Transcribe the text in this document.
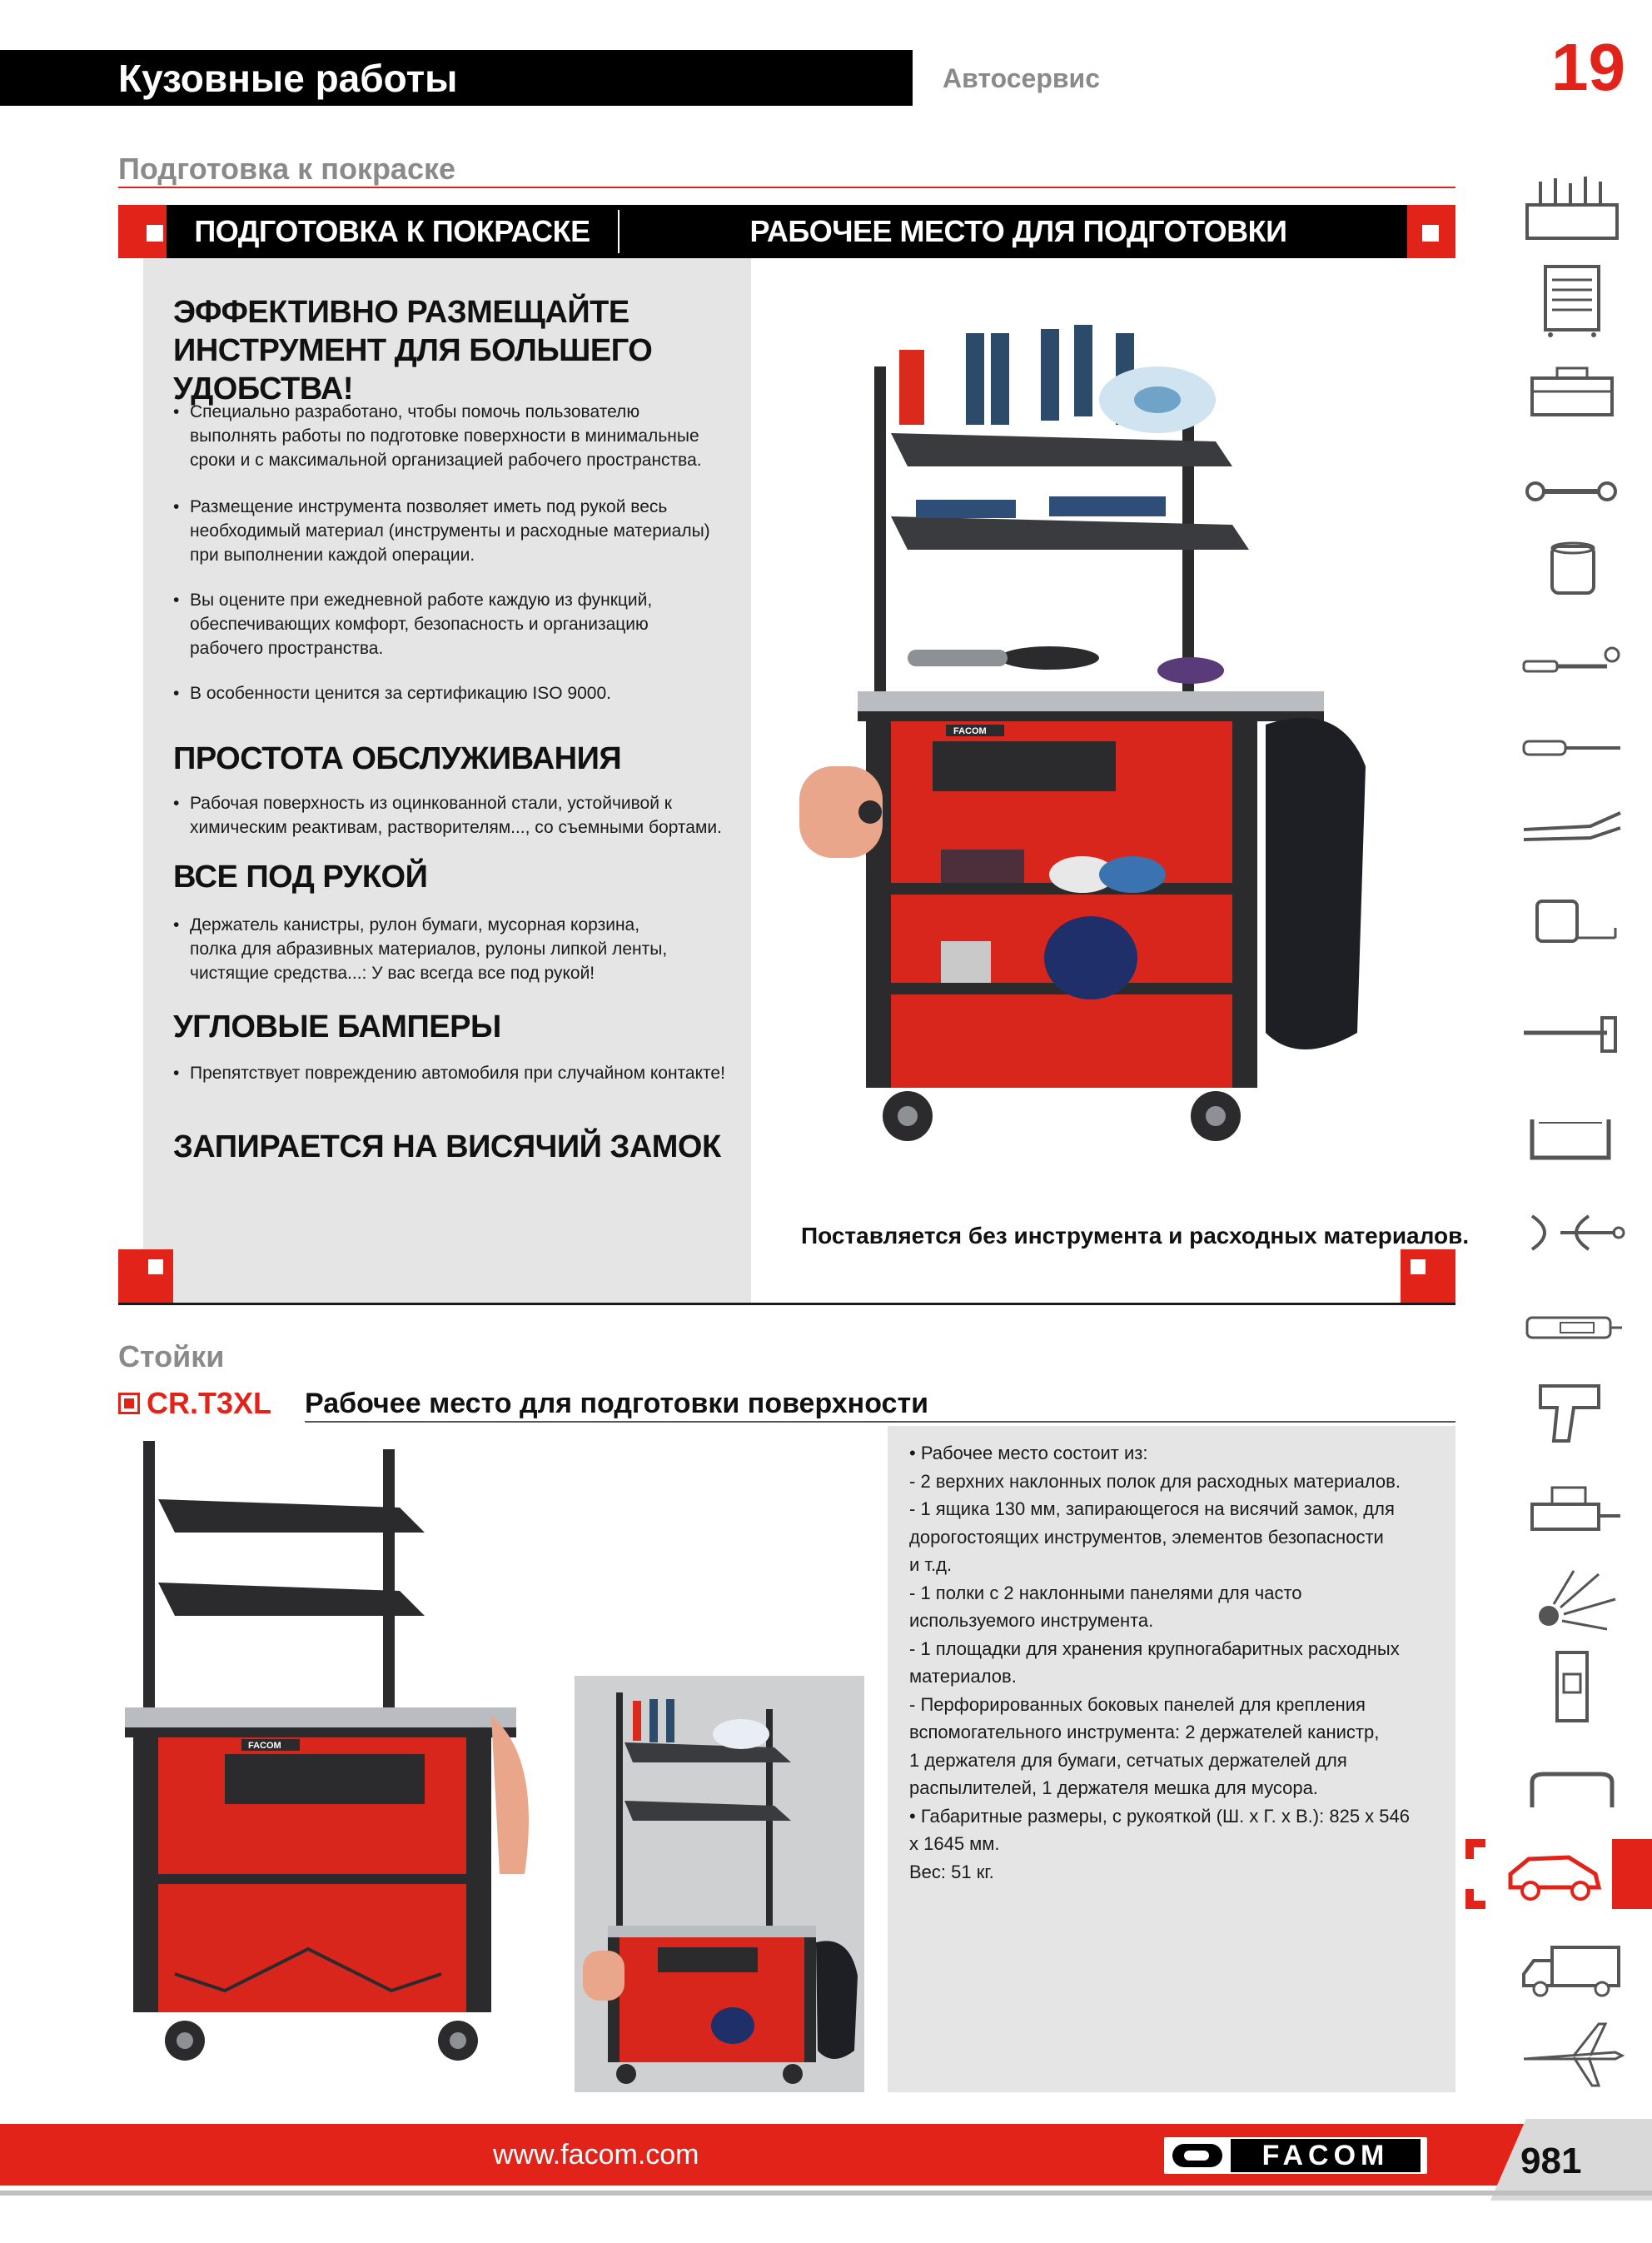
Кузовные работы	Автосервис	19
Подготовка к покраске
ПОДГОТОВКА К ПОКРАСКЕ	РАБОЧЕЕ МЕСТО ДЛЯ ПОДГОТОВКИ ПОВЕРХНОСТЕЙ
ЭФФЕКТИВНО РАЗМЕЩАЙТЕ ИНСТРУМЕНТ ДЛЯ БОЛЬШЕГО УДОБСТВА!
• Специально разработано, чтобы помочь пользователю
выполнять работы по подготовке поверхности в минимальные
сроки и с максимальной организацией рабочего пространства.
• Размещение инструмента позволяет иметь под рукой весь
необходимый материал (инструменты и расходные материалы)
при выполнении каждой операции.
• Вы оцените при ежедневной работе каждую из функций,
обеспечивающих комфорт, безопасность и организацию
рабочего пространства.
• В особенности ценится за сертификацию ISO 9000.
ПРОСТОТА ОБСЛУЖИВАНИЯ
• Рабочая поверхность из оцинкованной стали, устойчивой к
химическим реактивам, растворителям..., со съемными бортами.
ВСЕ ПОД РУКОЙ
• Держатель канистры, рулон бумаги, мусорная корзина,
полка для абразивных материалов, рулоны липкой ленты,
чистящие средства...: У вас всегда все под рукой!
УГЛОВЫЕ БАМПЕРЫ
• Препятствует повреждению автомобиля при случайном контакте!
ЗАПИРАЕТСЯ НА ВИСЯЧИЙ ЗАМОК
FACOM
Поставляется без инструмента и расходных материалов.
Стойки
CR.T3XL Рабочее место для подготовки поверхности
FACOM
• Рабочее место состоит из:
- 2 верхних наклонных полок для расходных материалов.
- 1 ящика 130 мм, запирающегося на висячий замок, для
дорогостоящих инструментов, элементов безопасности
и т.д.
- 1 полки с 2 наклонными панелями для часто
используемого инструмента.
- 1 площадки для хранения крупногабаритных расходных
материалов.
- Перфорированных боковых панелей для крепления
вспомогательного инструмента: 2 держателей канистр,
1 держателя для бумаги, сетчатых держателей для
распылителей, 1 держателя мешка для мусора.
• Габаритные размеры, с рукояткой (Ш. х Г. х В.): 825 x 546
x 1645 мм.
Вес: 51 кг.
www.facom.com	FACOM	981
